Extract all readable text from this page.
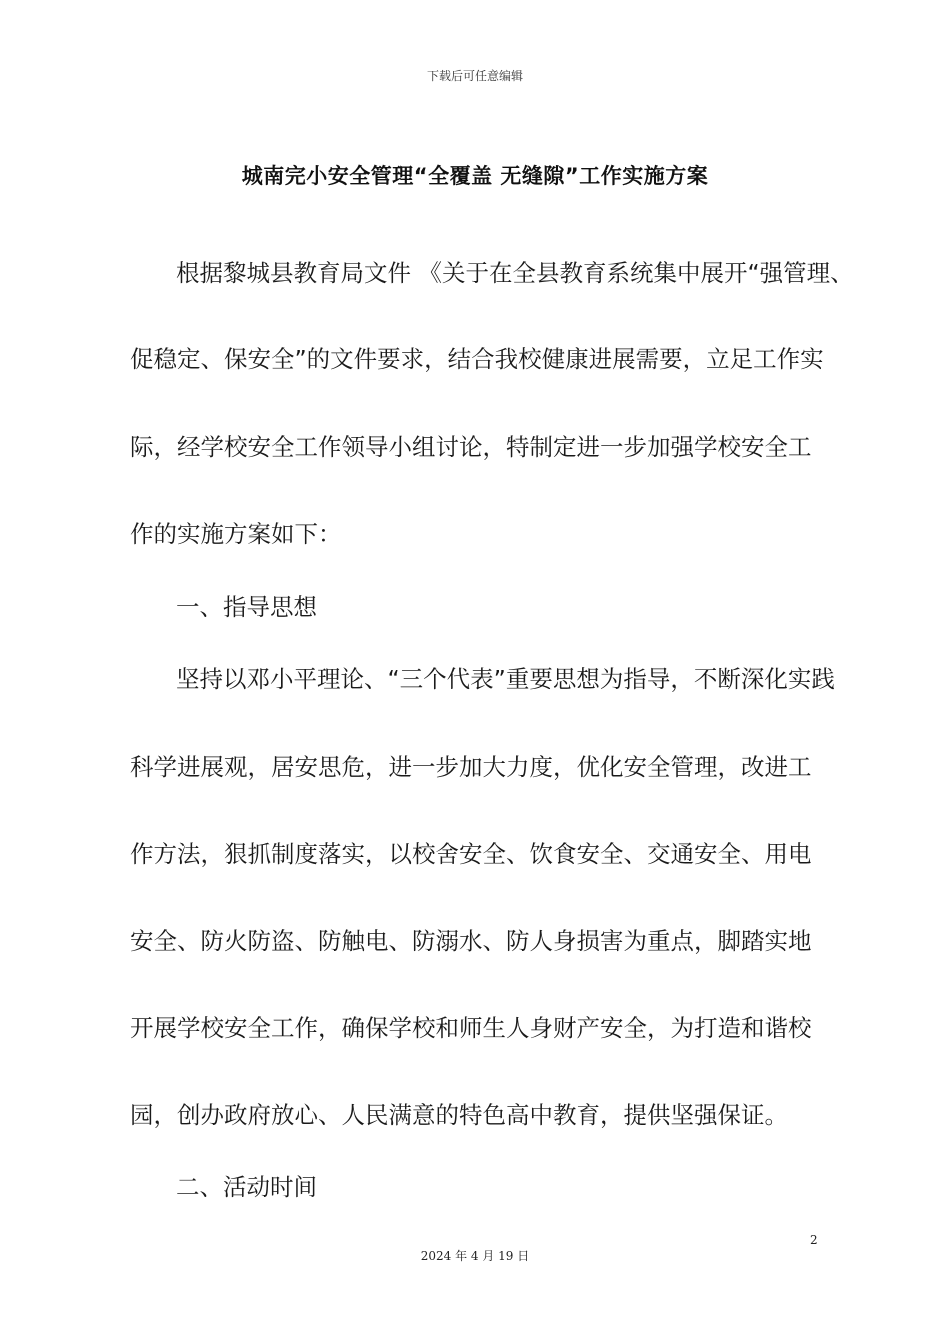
下载后可任意编辑
城南完小安全管理“全覆盖 无缝隙”工作实施方案
根据黎城县教育局文件 《关于在全县教育系统集中展开“强管理、
促稳定、保安全”的文件要求，结合我校健康进展需要，立足工作实
际，经学校安全工作领导小组讨论，特制定进一步加强学校安全工
作的实施方案如下：
一、指导思想
坚持以邓小平理论、“三个代表”重要思想为指导，不断深化实践
科学进展观，居安思危，进一步加大力度，优化安全管理，改进工
作方法，狠抓制度落实，以校舍安全、饮食安全、交通安全、用电
安全、防火防盗、防触电、防溺水、防人身损害为重点，脚踏实地
开展学校安全工作，确保学校和师生人身财产安全，为打造和谐校
园，创办政府放心、人民满意的特色高中教育，提供坚强保证。
二、活动时间
2
2024 年 4 月 19 日
